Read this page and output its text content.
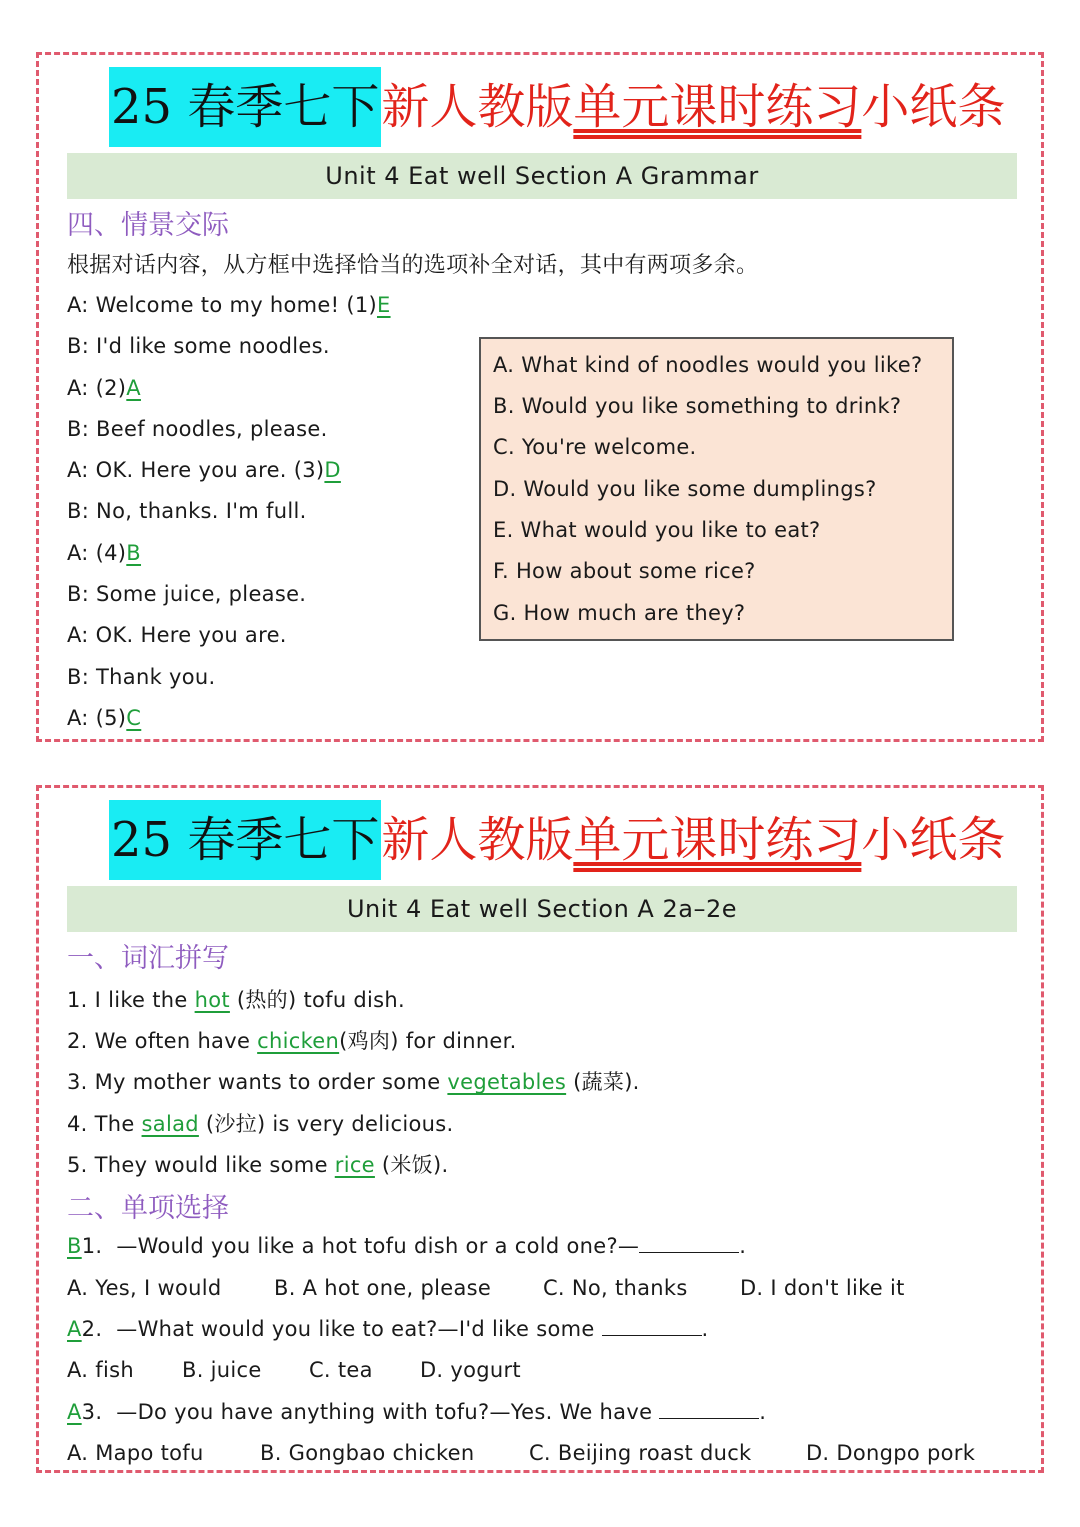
25 春季七下新人教版单元课时练习小纸条
Unit 4 Eat well Section A Grammar
四、情景交际
根据对话内容，从方框中选择恰当的选项补全对话，其中有两项多余。
A: Welcome to my home! (1)E
B: I'd like some noodles.
A: (2)A
B: Beef noodles, please.
A: OK. Here you are. (3)D
B: No, thanks. I'm full.
A: (4)B
B: Some juice, please.
A: OK. Here you are.
B: Thank you.
A: (5)C
A. What kind of noodles would you like?
B. Would you like something to drink?
C. You're welcome.
D. Would you like some dumplings?
E. What would you like to eat?
F. How about some rice?
G. How much are they?
25 春季七下新人教版单元课时练习小纸条
Unit 4 Eat well Section A 2a–2e
一、词汇拼写
1. I like the hot (热的) tofu dish.
2. We often have chicken(鸡肉) for dinner.
3. My mother wants to order some vegetables (蔬菜).
4. The salad (沙拉) is very delicious.
5. They would like some rice (米饭).
二、单项选择
B1. —Would you like a hot tofu dish or a cold one?—	.
A. Yes, I would	B. A hot one, please C. No, thanks D. I don't like it
A2. —What would you like to eat?—I'd like some	.
A. fish B. juice C. tea D. yogurt
A3. —Do you have anything with tofu?—Yes. We have	.
A. Mapo tofu	B. Gongbao chicken	C. Beijing roast duck	D. Dongpo pork
